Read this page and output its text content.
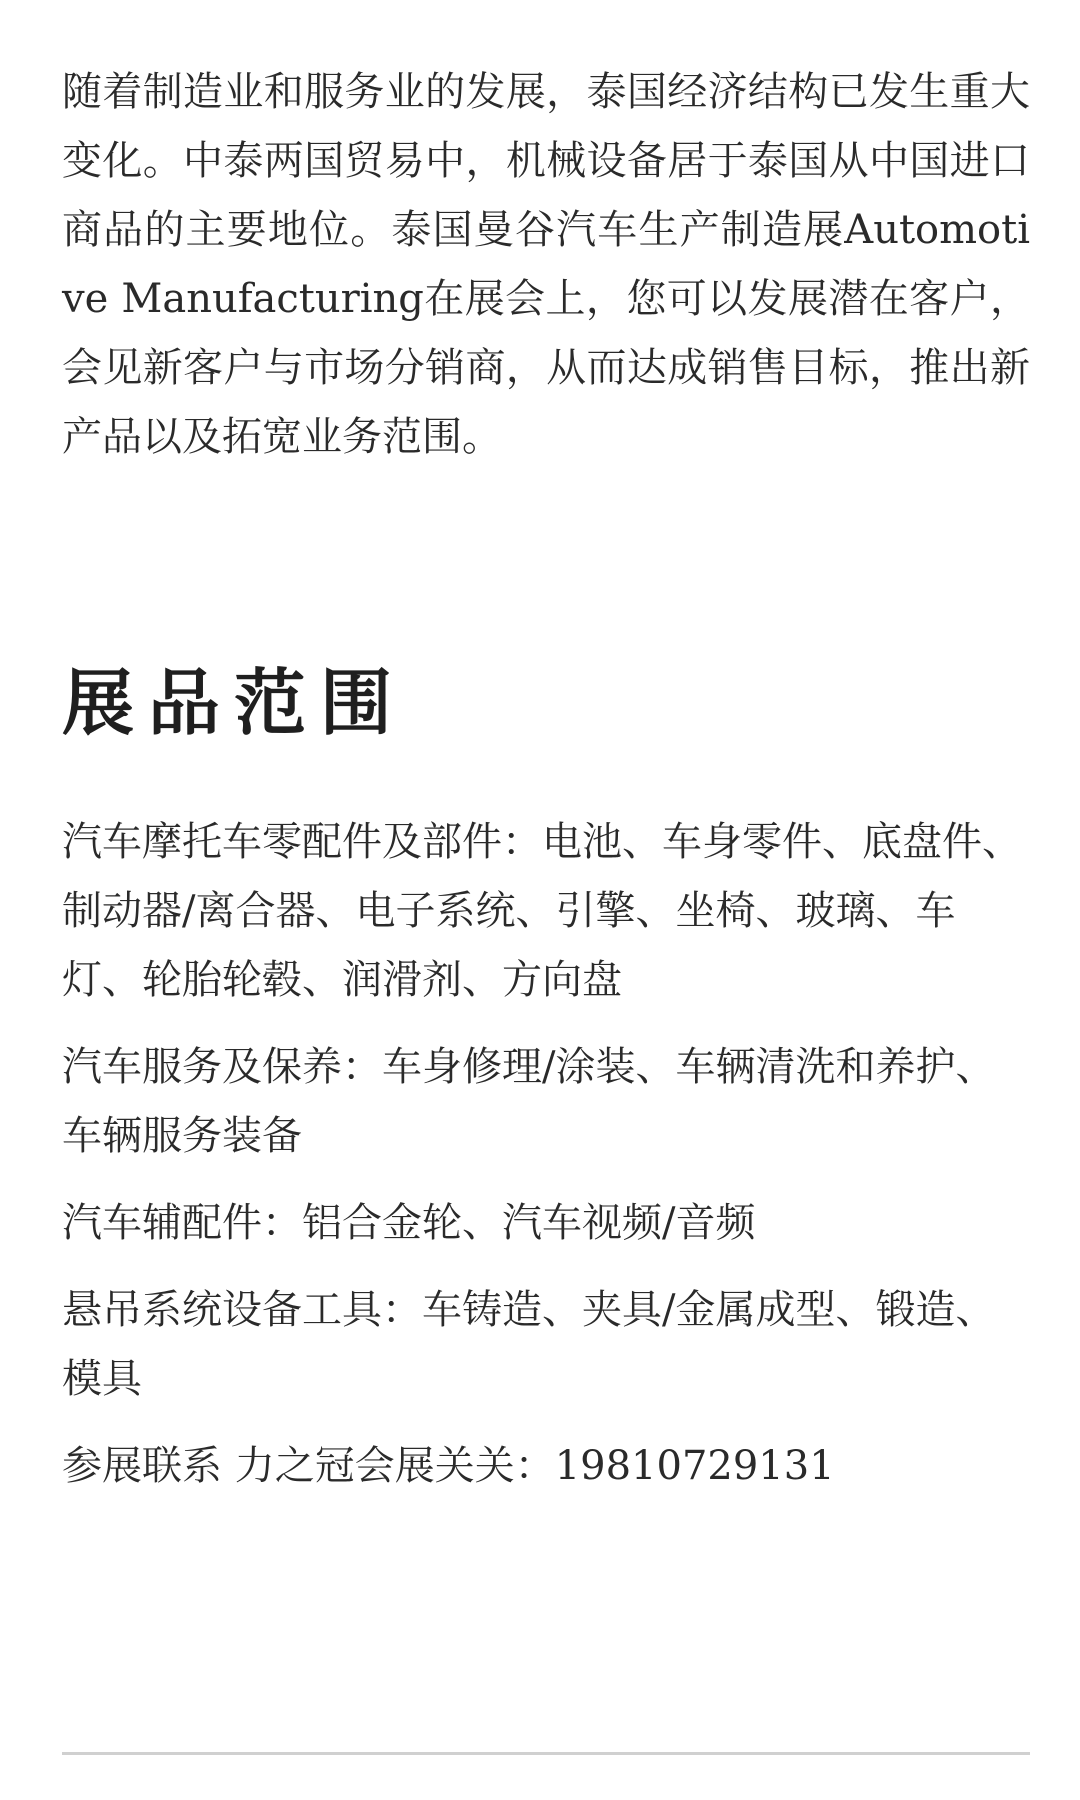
随着制造业和服务业的发展，泰国经济结构已发生重大变化。中泰两国贸易中，机械设备居于泰国从中国进口商品的主要地位。泰国曼谷汽车生产制造展Automotive Manufacturing在展会上，您可以发展潜在客户，会见新客户与市场分销商，从而达成销售目标，推出新产品以及拓宽业务范围。

展品范围

汽车摩托车零配件及部件：电池、车身零件、底盘件、制动器/离合器、电子系统、引擎、坐椅、玻璃、车灯、轮胎轮毂、润滑剂、方向盘

汽车服务及保养：车身修理/涂装、车辆清洗和养护、车辆服务装备

汽车辅配件：铝合金轮、汽车视频/音频

悬吊系统设备工具：车铸造、夹具/金属成型、锻造、模具

参展联系 力之冠会展关关：19810729131
